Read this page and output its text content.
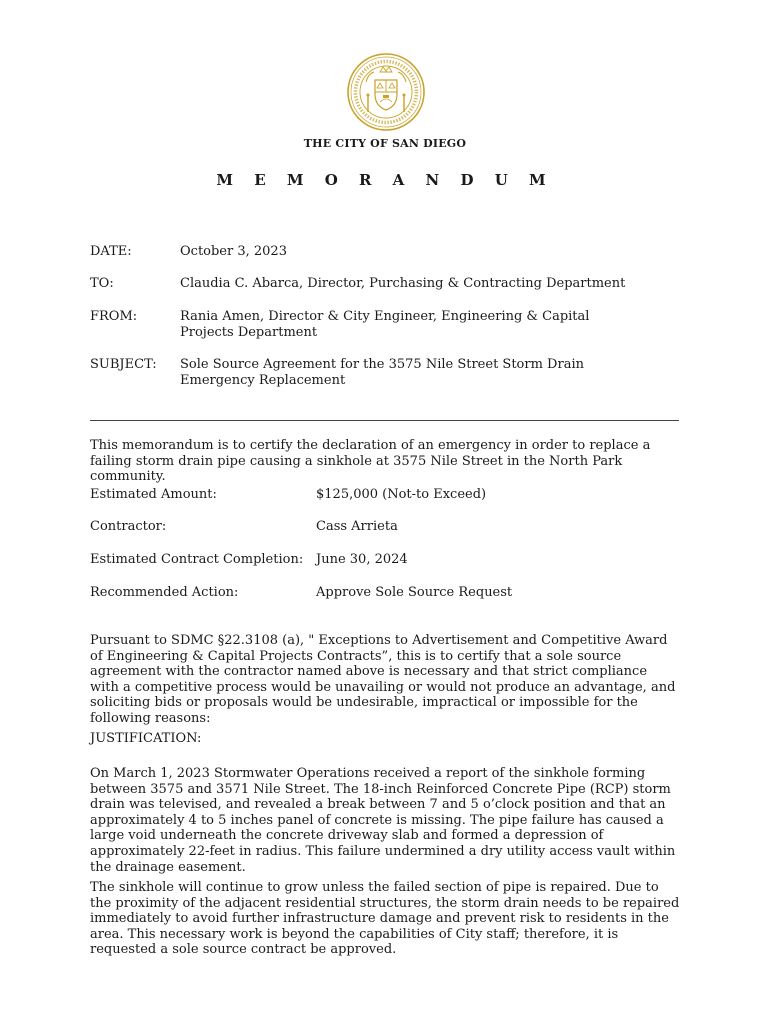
THE CITY OF SAN DIEGO
M E M O R A N D U M
DATE:	October 3, 2023
TO:	Claudia C. Abarca, Director, Purchasing & Contracting Department
FROM:	Rania Amen, Director & City Engineer, Engineering & Capital Projects Department
SUBJECT: Sole Source Agreement for the 3575 Nile Street Storm Drain Emergency Replacement

This memorandum is to certify the declaration of an emergency in order to replace a failing storm drain pipe causing a sinkhole at 3575 Nile Street in the North Park community.

Estimated Amount:	$125,000 (Not-to Exceed)
Contractor:	Cass Arrieta
Estimated Contract Completion: June 30, 2024
Recommended Action:	Approve Sole Source Request

Pursuant to SDMC §22.3108 (a), " Exceptions to Advertisement and Competitive Award of Engineering & Capital Projects Contracts”, this is to certify that a sole source agreement with the contractor named above is necessary and that strict compliance with a competitive process would be unavailing or would not produce an advantage, and soliciting bids or proposals would be undesirable, impractical or impossible for the following reasons:

JUSTIFICATION:

On March 1, 2023 Stormwater Operations received a report of the sinkhole forming between 3575 and 3571 Nile Street. The 18-inch Reinforced Concrete Pipe (RCP) storm drain was televised, and revealed a break between 7 and 5 o’clock position and that an approximately 4 to 5 inches panel of concrete is missing. The pipe failure has caused a large void underneath the concrete driveway slab and formed a depression of approximately 22-feet in radius. This failure undermined a dry utility access vault within the drainage easement.

The sinkhole will continue to grow unless the failed section of pipe is repaired. Due to the proximity of the adjacent residential structures, the storm drain needs to be repaired immediately to avoid further infrastructure damage and prevent risk to residents in the area. This necessary work is beyond the capabilities of City staff; therefore, it is requested a sole source contract be approved.
